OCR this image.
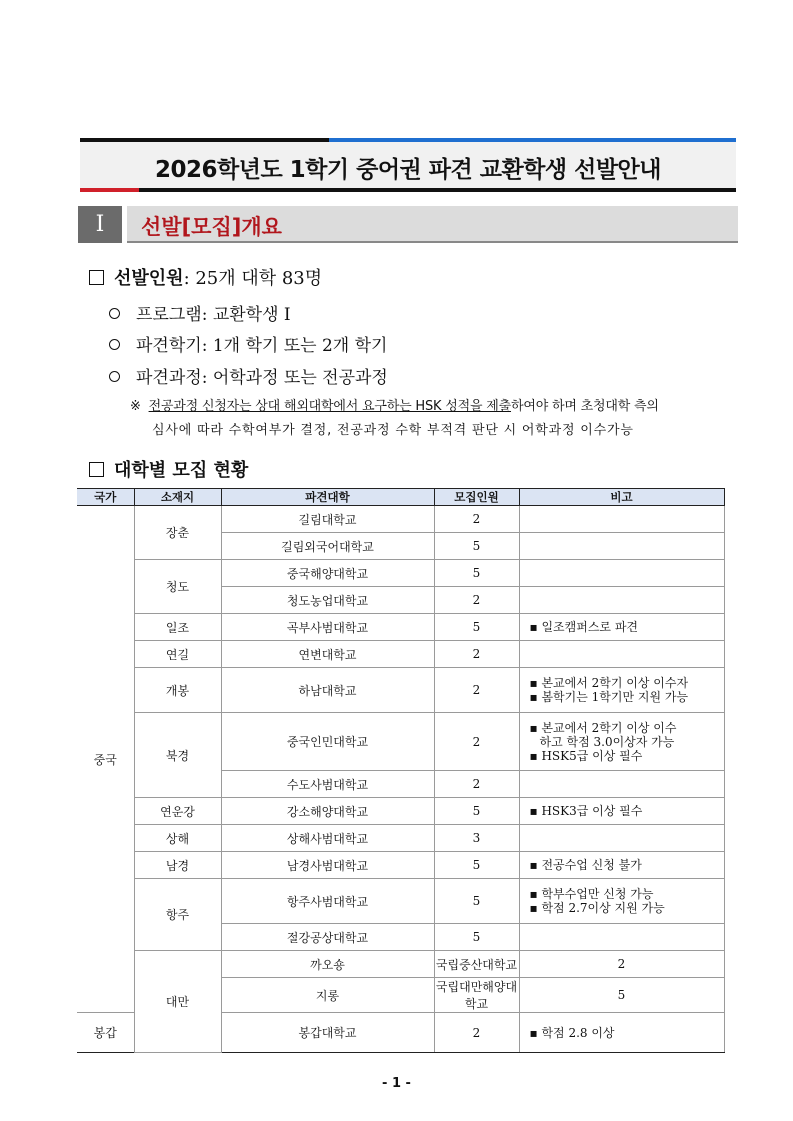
2026학년도 1학기 중어권 파견 교환학생 선발안내
Ⅰ	선발[모집]개요
선발인원: 25개 대학 83명
프로그램: 교환학생 Ⅰ
파견학기: 1개 학기 또는 2개 학기
파견과정: 어학과정 또는 전공과정
※ 전공과정 신청자는 상대 해외대학에서 요구하는 HSK 성적을 제출하여야 하며 초청대학 측의
심사에 따라 수학여부가 결정, 전공과정 수학 부적격 판단 시 어학과정 이수가능
대학별 모집 현황
국가	소재지	파견대학	모집인원	비고	
중국	장춘	길림대학교	2		
		길림외국어대학교	5		
	청도	중국해양대학교	5		
		청도농업대학교	2		
	일조	곡부사범대학교	5	▪ 일조캠퍼스로 파견	
	연길	연변대학교	2		
	개봉	하남대학교	2	▪ 본교에서 2학기 이상 이수자
▪ 봄학기는 1학기만 지원 가능	

	북경	중국인민대학교	2	▪ 본교에서 2학기 이상 이수
하고 학점 3.0이상자 가능
▪ HSK5급 이상 필수	

		수도사범대학교	2		
	연운강	강소해양대학교	5	▪ HSK3급 이상 필수	
	상해	상해사범대학교	3		
	남경	남경사범대학교	5	▪ 전공수업 신청 불가	
	항주	항주사범대학교	5	▪ 학부수업만 신청 가능
▪ 학점 2.7이상 지원 가능	

		절강공상대학교	5		
	대만	까오숑	국립중산대학교	2	
		지롱	국립대만해양대학교	5	
봉갑		봉갑대학교	2	▪ 학점 2.8 이상	
- 1 -
